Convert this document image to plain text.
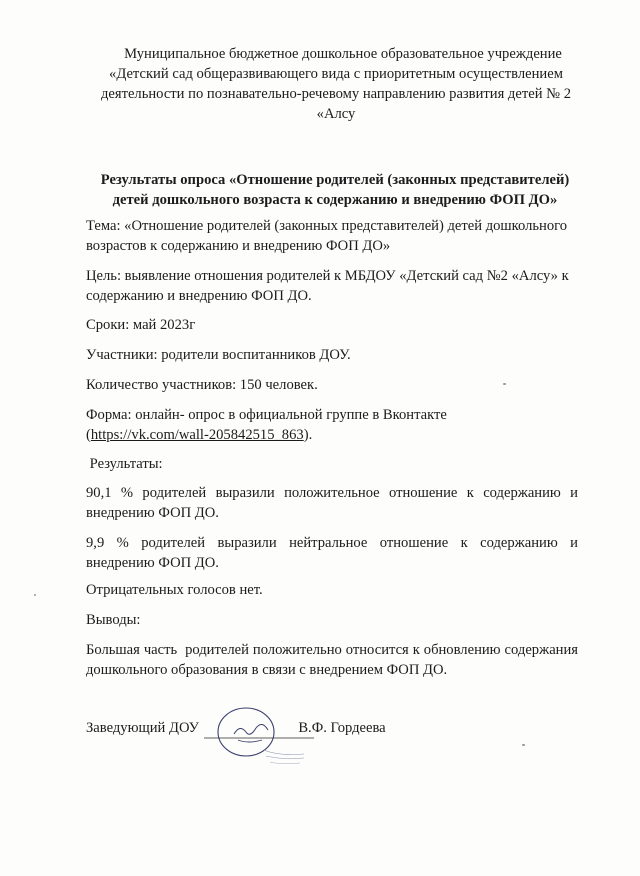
Муниципальное бюджетное дошкольное образовательное учреждение
«Детский сад общеразвивающего вида с приоритетным осуществлением
деятельности по познавательно-речевому направлению развития детей № 2
«Алсу
Результаты опроса «Отношение родителей (законных представителей)
детей дошкольного возраста к содержанию и внедрению ФОП ДО»
Тема: «Отношение родителей (законных представителей) детей дошкольного возрастов к содержанию и внедрению ФОП ДО»
Цель: выявление отношения родителей к МБДОУ «Детский сад №2 «Алсу» к содержанию и внедрению ФОП ДО.
Сроки: май 2023г
Участники: родители воспитанников ДОУ.
Количество участников: 150 человек.
Форма: онлайн- опрос в официальной группе в Вконтакте
(https://vk.com/wall-205842515_863).
Результаты:
90,1 % родителей выразили положительное отношение к содержанию и внедрению ФОП ДО.
9,9 % родителей выразили нейтральное отношение к содержанию и внедрению ФОП ДО.
Отрицательных голосов нет.
Выводы:
Большая часть  родителей положительно относится к обновлению содержания дошкольного образования в связи с внедрением ФОП ДО.
Заведующий ДОУ	В.Ф. Гордеева
